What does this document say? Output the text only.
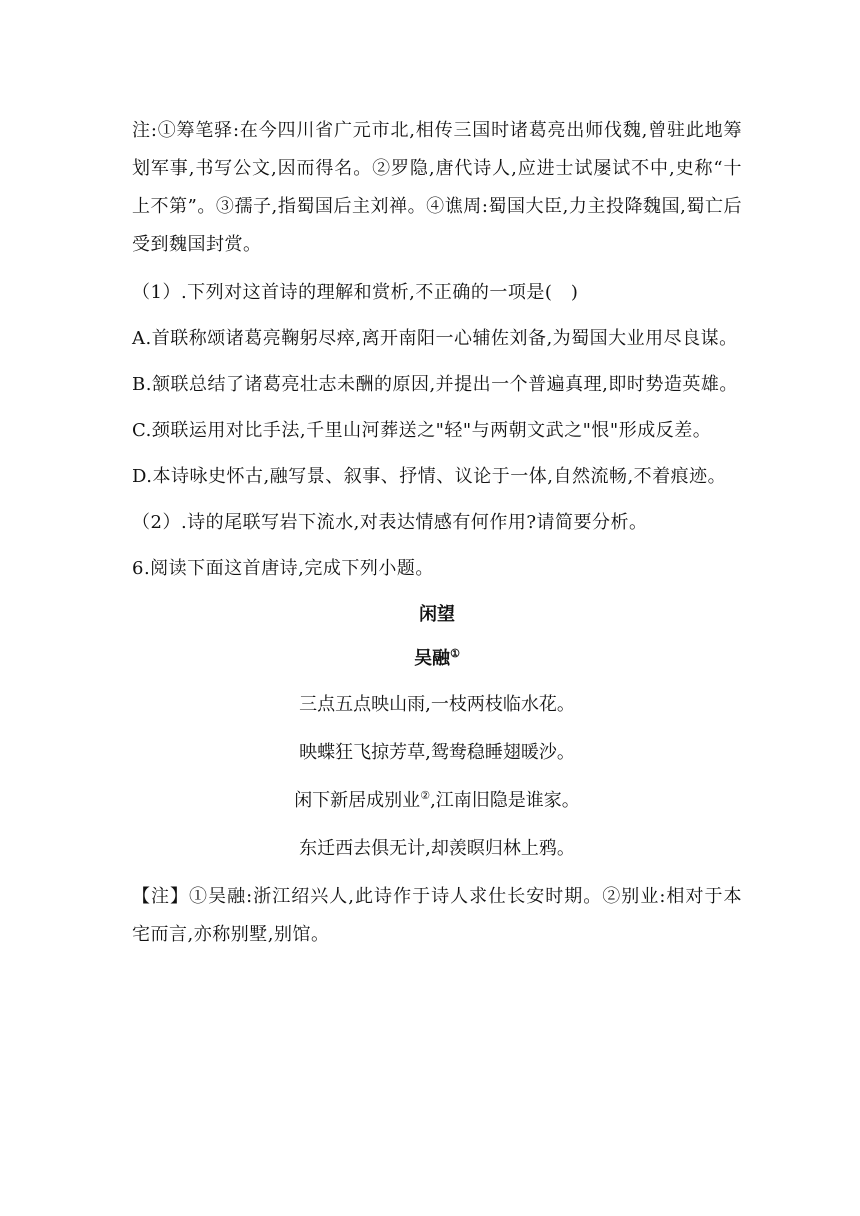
注:①筹笔驿:在今四川省广元市北,相传三国时诸葛亮出师伐魏,曾驻此地筹划军事,书写公文,因而得名。②罗隐,唐代诗人,应进士试屡试不中,史称“十上不第”。③孺子,指蜀国后主刘禅。④谯周:蜀国大臣,力主投降魏国,蜀亡后受到魏国封赏。

（1）.下列对这首诗的理解和赏析,不正确的一项是(　)

A.首联称颂诸葛亮鞠躬尽瘁,离开南阳一心辅佐刘备,为蜀国大业用尽良谋。

B.颔联总结了诸葛亮壮志未酬的原因,并提出一个普遍真理,即时势造英雄。

C.颈联运用对比手法,千里山河葬送之"轻"与两朝文武之"恨"形成反差。

D.本诗咏史怀古,融写景、叙事、抒情、议论于一体,自然流畅,不着痕迹。

（2）.诗的尾联写岩下流水,对表达情感有何作用?请简要分析。

6.阅读下面这首唐诗,完成下列小题。

闲望
吴融①
三点五点映山雨,一枝两枝临水花。
映蝶狂飞掠芳草,鸳鸯稳睡翅暖沙。
闲下新居成别业②,江南旧隐是谁家。
东迁西去俱无计,却羡暝归林上鸦。

【注】①吴融:浙江绍兴人,此诗作于诗人求仕长安时期。②别业:相对于本宅而言,亦称别墅,别馆。
